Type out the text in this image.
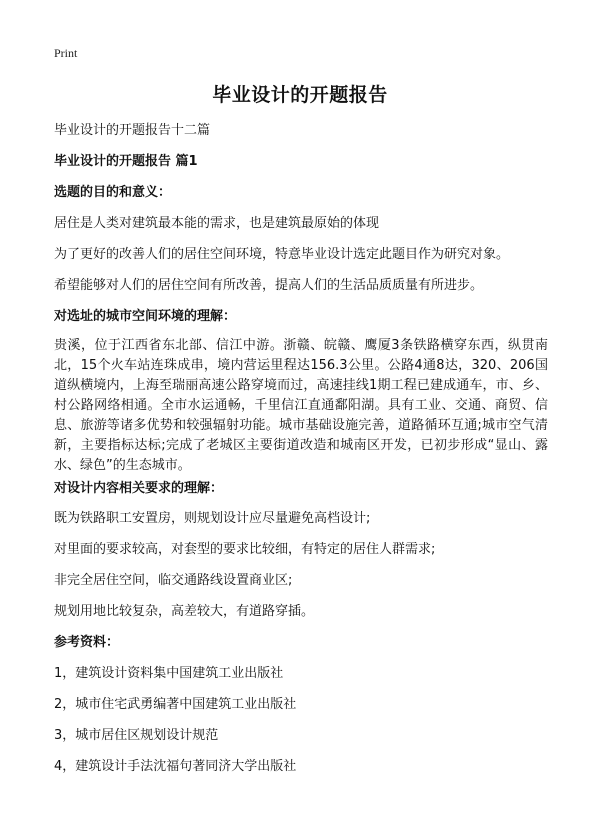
Print
毕业设计的开题报告
毕业设计的开题报告十二篇
毕业设计的开题报告 篇1
选题的目的和意义：
居住是人类对建筑最本能的需求，也是建筑最原始的体现
为了更好的改善人们的居住空间环境，特意毕业设计选定此题目作为研究对象。
希望能够对人们的居住空间有所改善，提高人们的生活品质质量有所进步。
对选址的城市空间环境的理解：
贵溪，位于江西省东北部、信江中游。浙赣、皖赣、鹰厦3条铁路横穿东西，纵贯南北，15个火车站连珠成串，境内营运里程达156.3公里。公路4通8达，320、206国道纵横境内，上海至瑞丽高速公路穿境而过，高速挂线1期工程已建成通车，市、乡、村公路网络相通。全市水运通畅，千里信江直通鄱阳湖。具有工业、交通、商贸、信息、旅游等诸多优势和较强辐射功能。城市基础设施完善，道路循环互通;城市空气清新，主要指标达标;完成了老城区主要街道改造和城南区开发，已初步形成“显山、露水、绿色”的生态城市。
对设计内容相关要求的理解：
既为铁路职工安置房，则规划设计应尽量避免高档设计;
对里面的要求较高，对套型的要求比较细，有特定的居住人群需求;
非完全居住空间，临交通路线设置商业区;
规划用地比较复杂，高差较大，有道路穿插。
参考资料：
1，建筑设计资料集中国建筑工业出版社
2，城市住宅武勇编著中国建筑工业出版社
3，城市居住区规划设计规范
4，建筑设计手法沈福句著同济大学出版社
